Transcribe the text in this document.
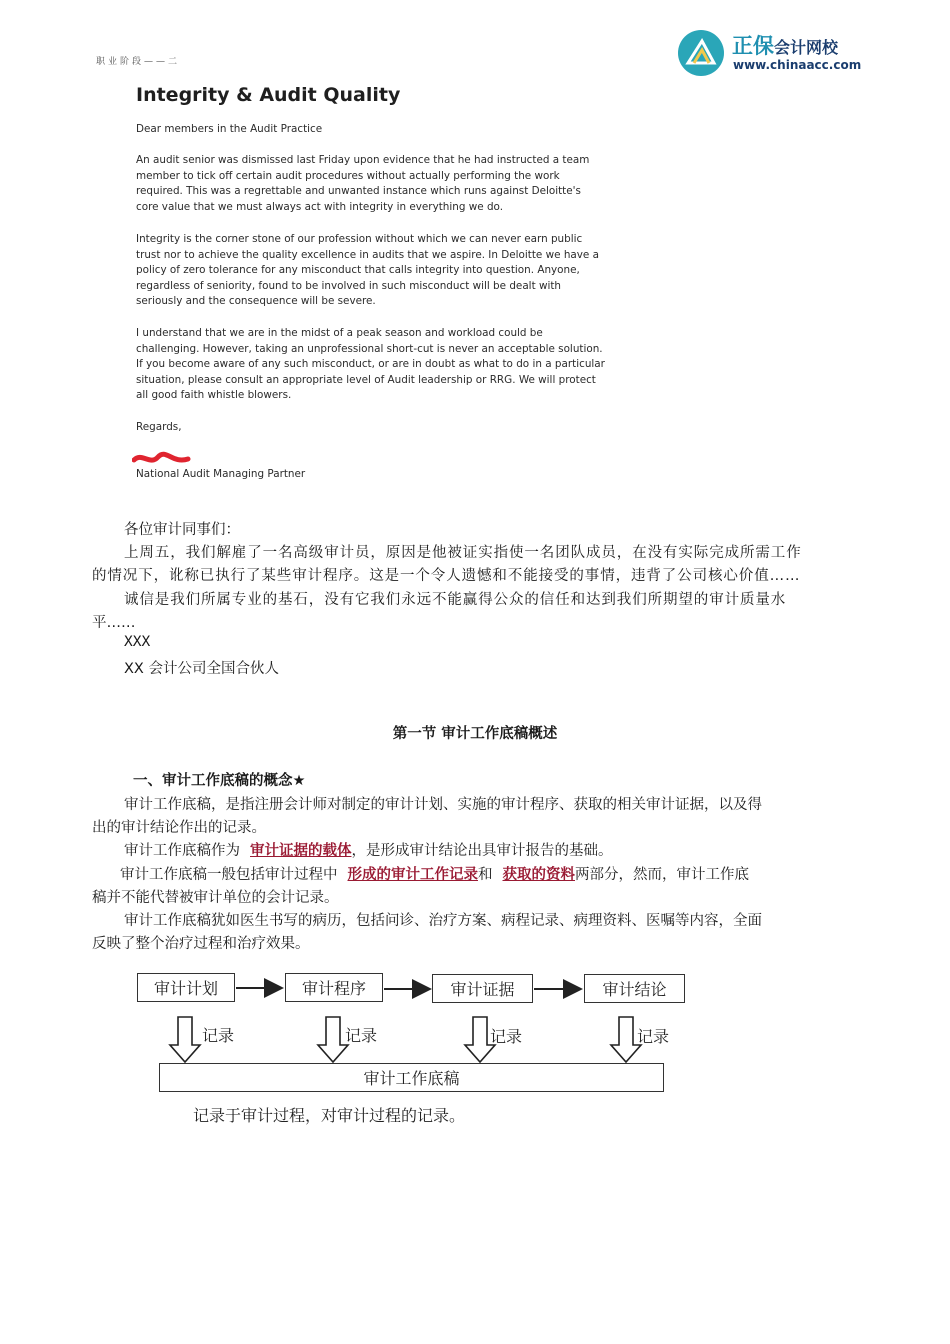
职业阶段——二
正保会计网校
www.chinaacc.com
Integrity & Audit Quality

Dear members in the Audit Practice

An audit senior was dismissed last Friday upon evidence that he had instructed a team member to tick off certain audit procedures without actually performing the work required. This was a regrettable and unwanted instance which runs against Deloitte's core value that we must always act with integrity in everything we do.

Integrity is the corner stone of our profession without which we can never earn public trust nor to achieve the quality excellence in audits that we aspire. In Deloitte we have a policy of zero tolerance for any misconduct that calls integrity into question. Anyone, regardless of seniority, found to be involved in such misconduct will be dealt with seriously and the consequence will be severe.

I understand that we are in the midst of a peak season and workload could be challenging. However, taking an unprofessional short-cut is never an acceptable solution. If you become aware of any such misconduct, or are in doubt as what to do in a particular situation, please consult an appropriate level of Audit leadership or RRG. We will protect all good faith whistle blowers.

Regards,

National Audit Managing Partner

各位审计同事们：
上周五，我们解雇了一名高级审计员，原因是他被证实指使一名团队成员，在没有实际完成所需工作
的情况下，讹称已执行了某些审计程序。这是一个令人遗憾和不能接受的事情，违背了公司核心价值……
诚信是我们所属专业的基石，没有它我们永远不能赢得公众的信任和达到我们所期望的审计质量水
平……
XXX
XX 会计公司全国合伙人
第一节 审计工作底稿概述
一、审计工作底稿的概念★
审计工作底稿，是指注册会计师对制定的审计计划、实施的审计程序、获取的相关审计证据，以及得
出的审计结论作出的记录。
审计工作底稿作为 审计证据的载体，是形成审计结论出具审计报告的基础。
审计工作底稿一般包括审计过程中 形成的审计工作记录和 获取的资料两部分，然而，审计工作底
稿并不能代替被审计单位的会计记录。
审计工作底稿犹如医生书写的病历，包括问诊、治疗方案、病程记录、病理资料、医嘱等内容，全面
反映了整个治疗过程和治疗效果。
审计计划	审计程序	审计证据	审计结论
记录	记录	记录	记录
审计工作底稿
记录于审计过程，对审计过程的记录。
